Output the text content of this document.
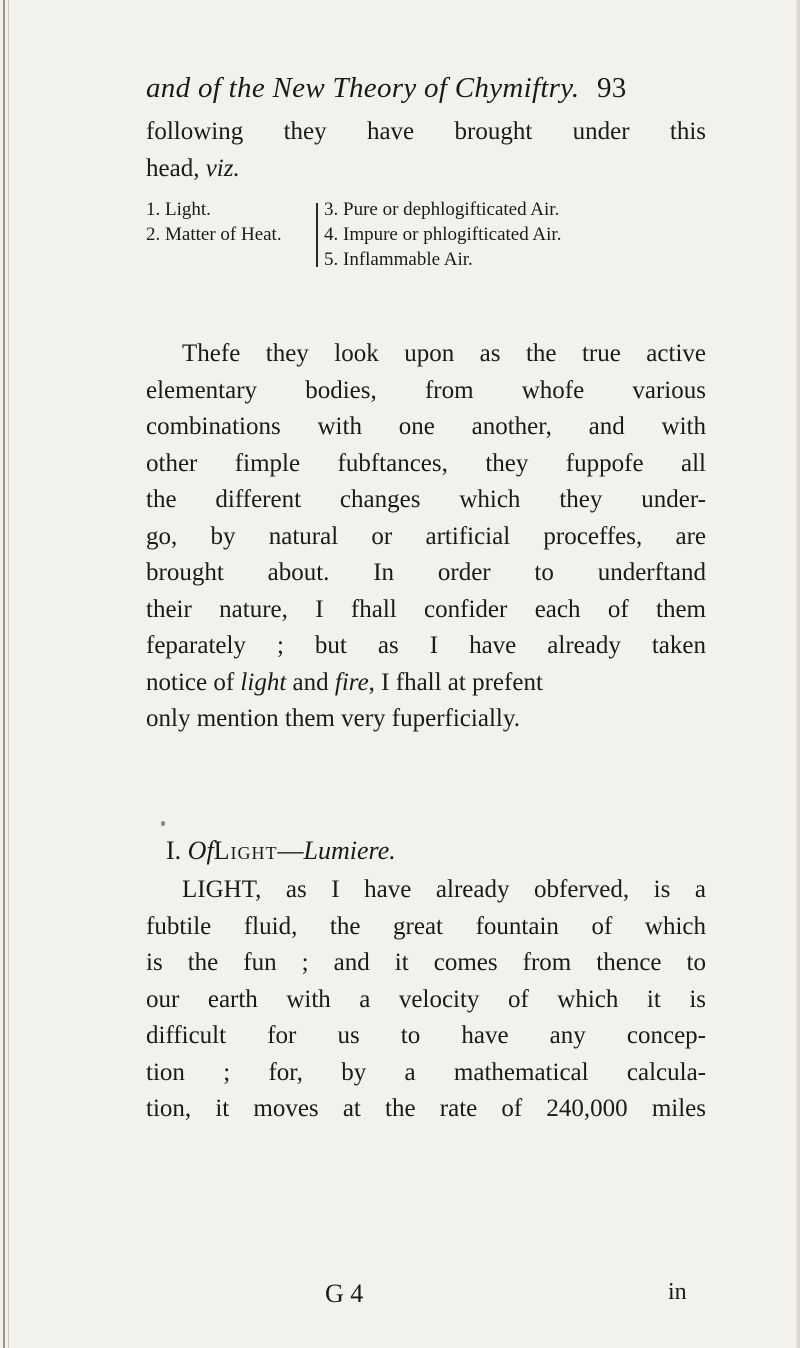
and of the New Theory of Chymiftry. 93
following they have brought under this
head, viz.
1. Light.
2. Matter of Heat.
3. Pure or dephlogifticated Air.
4. Impure or phlogifticated Air.
5. Inflammable Air.
Thefe they look upon as the true active
elementary bodies, from whofe various
combinations with one another, and with
other fimple fubftances, they fuppofe all
the different changes which they under-
go, by natural or artificial proceffes, are
brought about. In order to underftand
their nature, I fhall confider each of them
feparately ; but as I have already taken
notice of light and fire, I fhall at prefent
only mention them very fuperficially.
I. OfLight—Lumiere.
LIGHT, as I have already obferved, is a
fubtile fluid, the great fountain of which
is the fun ; and it comes from thence to
our earth with a velocity of which it is
difficult for us to have any concep-
tion ; for, by a mathematical calcula-
tion, it moves at the rate of 240,000 miles
G 4	in
